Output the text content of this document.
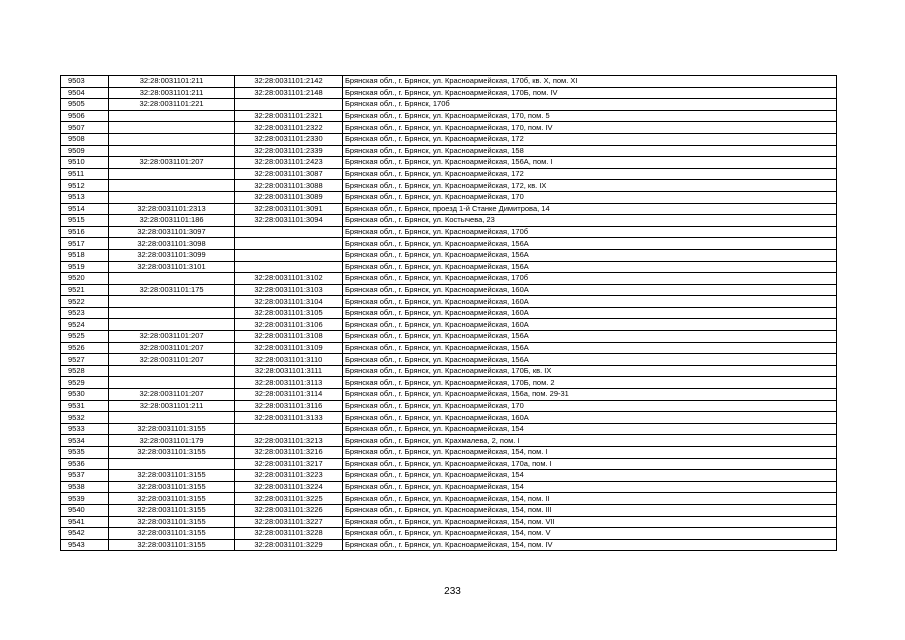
9503	32:28:0031101:211	32:28:0031101:2142	Брянская обл., г. Брянск, ул. Красноармейская, 170б, кв. X, пом. XI
9504	32:28:0031101:211	32:28:0031101:2148	Брянская обл., г. Брянск, ул. Красноармейская, 170Б, пом. IV
9505	32:28:0031101:221		Брянская обл., г. Брянск, 170б
9506		32:28:0031101:2321	Брянская обл., г. Брянск, ул. Красноармейская, 170, пом. 5
9507		32:28:0031101:2322	Брянская обл., г. Брянск, ул. Красноармейская, 170, пом. IV
9508		32:28:0031101:2330	Брянская обл., г. Брянск, ул. Красноармейская, 172
9509		32:28:0031101:2339	Брянская обл., г. Брянск, ул. Красноармейская, 158
9510	32:28:0031101:207	32:28:0031101:2423	Брянская обл., г. Брянск, ул. Красноармейская, 156А, пом. I
9511		32:28:0031101:3087	Брянская обл., г. Брянск, ул. Красноармейская, 172
9512		32:28:0031101:3088	Брянская обл., г. Брянск, ул. Красноармейская, 172, кв. IX
9513		32:28:0031101:3089	Брянская обл., г. Брянск, ул. Красноармейская, 170
9514	32:28:0031101:2313	32:28:0031101:3091	Брянская обл., г. Брянск, проезд 1-й Станке Димитрова, 14
9515	32:28:0031101:186	32:28:0031101:3094	Брянская обл., г. Брянск, ул. Костычева, 23
9516	32:28:0031101:3097		Брянская обл., г. Брянск, ул. Красноармейская, 170б
9517	32:28:0031101:3098		Брянская обл., г. Брянск, ул. Красноармейская, 156А
9518	32:28:0031101:3099		Брянская обл., г. Брянск, ул. Красноармейская, 156А
9519	32:28:0031101:3101		Брянская обл., г. Брянск, ул. Красноармейская, 156А
9520		32:28:0031101:3102	Брянская обл., г. Брянск, ул. Красноармейская, 170б
9521	32:28:0031101:175	32:28:0031101:3103	Брянская обл., г. Брянск, ул. Красноармейская, 160А
9522		32:28:0031101:3104	Брянская обл., г. Брянск, ул. Красноармейская, 160А
9523		32:28:0031101:3105	Брянская обл., г. Брянск, ул. Красноармейская, 160А
9524		32:28:0031101:3106	Брянская обл., г. Брянск, ул. Красноармейская, 160А
9525	32:28:0031101:207	32:28:0031101:3108	Брянская обл., г. Брянск, ул. Красноармейская, 156А
9526	32:28:0031101:207	32:28:0031101:3109	Брянская обл., г. Брянск, ул. Красноармейская, 156А
9527	32:28:0031101:207	32:28:0031101:3110	Брянская обл., г. Брянск, ул. Красноармейская, 156А
9528		32:28:0031101:3111	Брянская обл., г. Брянск, ул. Красноармейская, 170Б, кв. IX
9529		32:28:0031101:3113	Брянская обл., г. Брянск, ул. Красноармейская, 170Б, пом. 2
9530	32:28:0031101:207	32:28:0031101:3114	Брянская обл., г. Брянск, ул. Красноармейская, 156а, пом. 29-31
9531	32:28:0031101:211	32:28:0031101:3116	Брянская обл., г. Брянск, ул. Красноармейская, 170
9532		32:28:0031101:3133	Брянская обл., г. Брянск, ул. Красноармейская, 160А
9533	32:28:0031101:3155		Брянская обл., г. Брянск, ул. Красноармейская, 154
9534	32:28:0031101:179	32:28:0031101:3213	Брянская обл., г. Брянск, ул. Крахмалева, 2, пом. I
9535	32:28:0031101:3155	32:28:0031101:3216	Брянская обл., г. Брянск, ул. Красноармейская, 154, пом. I
9536		32:28:0031101:3217	Брянская обл., г. Брянск, ул. Красноармейская, 170а, пом. I
9537	32:28:0031101:3155	32:28:0031101:3223	Брянская обл., г. Брянск, ул. Красноармейская, 154
9538	32:28:0031101:3155	32:28:0031101:3224	Брянская обл., г. Брянск, ул. Красноармейская, 154
9539	32:28:0031101:3155	32:28:0031101:3225	Брянская обл., г. Брянск, ул. Красноармейская, 154, пом. II
9540	32:28:0031101:3155	32:28:0031101:3226	Брянская обл., г. Брянск, ул. Красноармейская, 154, пом. III
9541	32:28:0031101:3155	32:28:0031101:3227	Брянская обл., г. Брянск, ул. Красноармейская, 154, пом. VII
9542	32:28:0031101:3155	32:28:0031101:3228	Брянская обл., г. Брянск, ул. Красноармейская, 154, пом. V
9543	32:28:0031101:3155	32:28:0031101:3229	Брянская обл., г. Брянск, ул. Красноармейская, 154, пом. IV
233
